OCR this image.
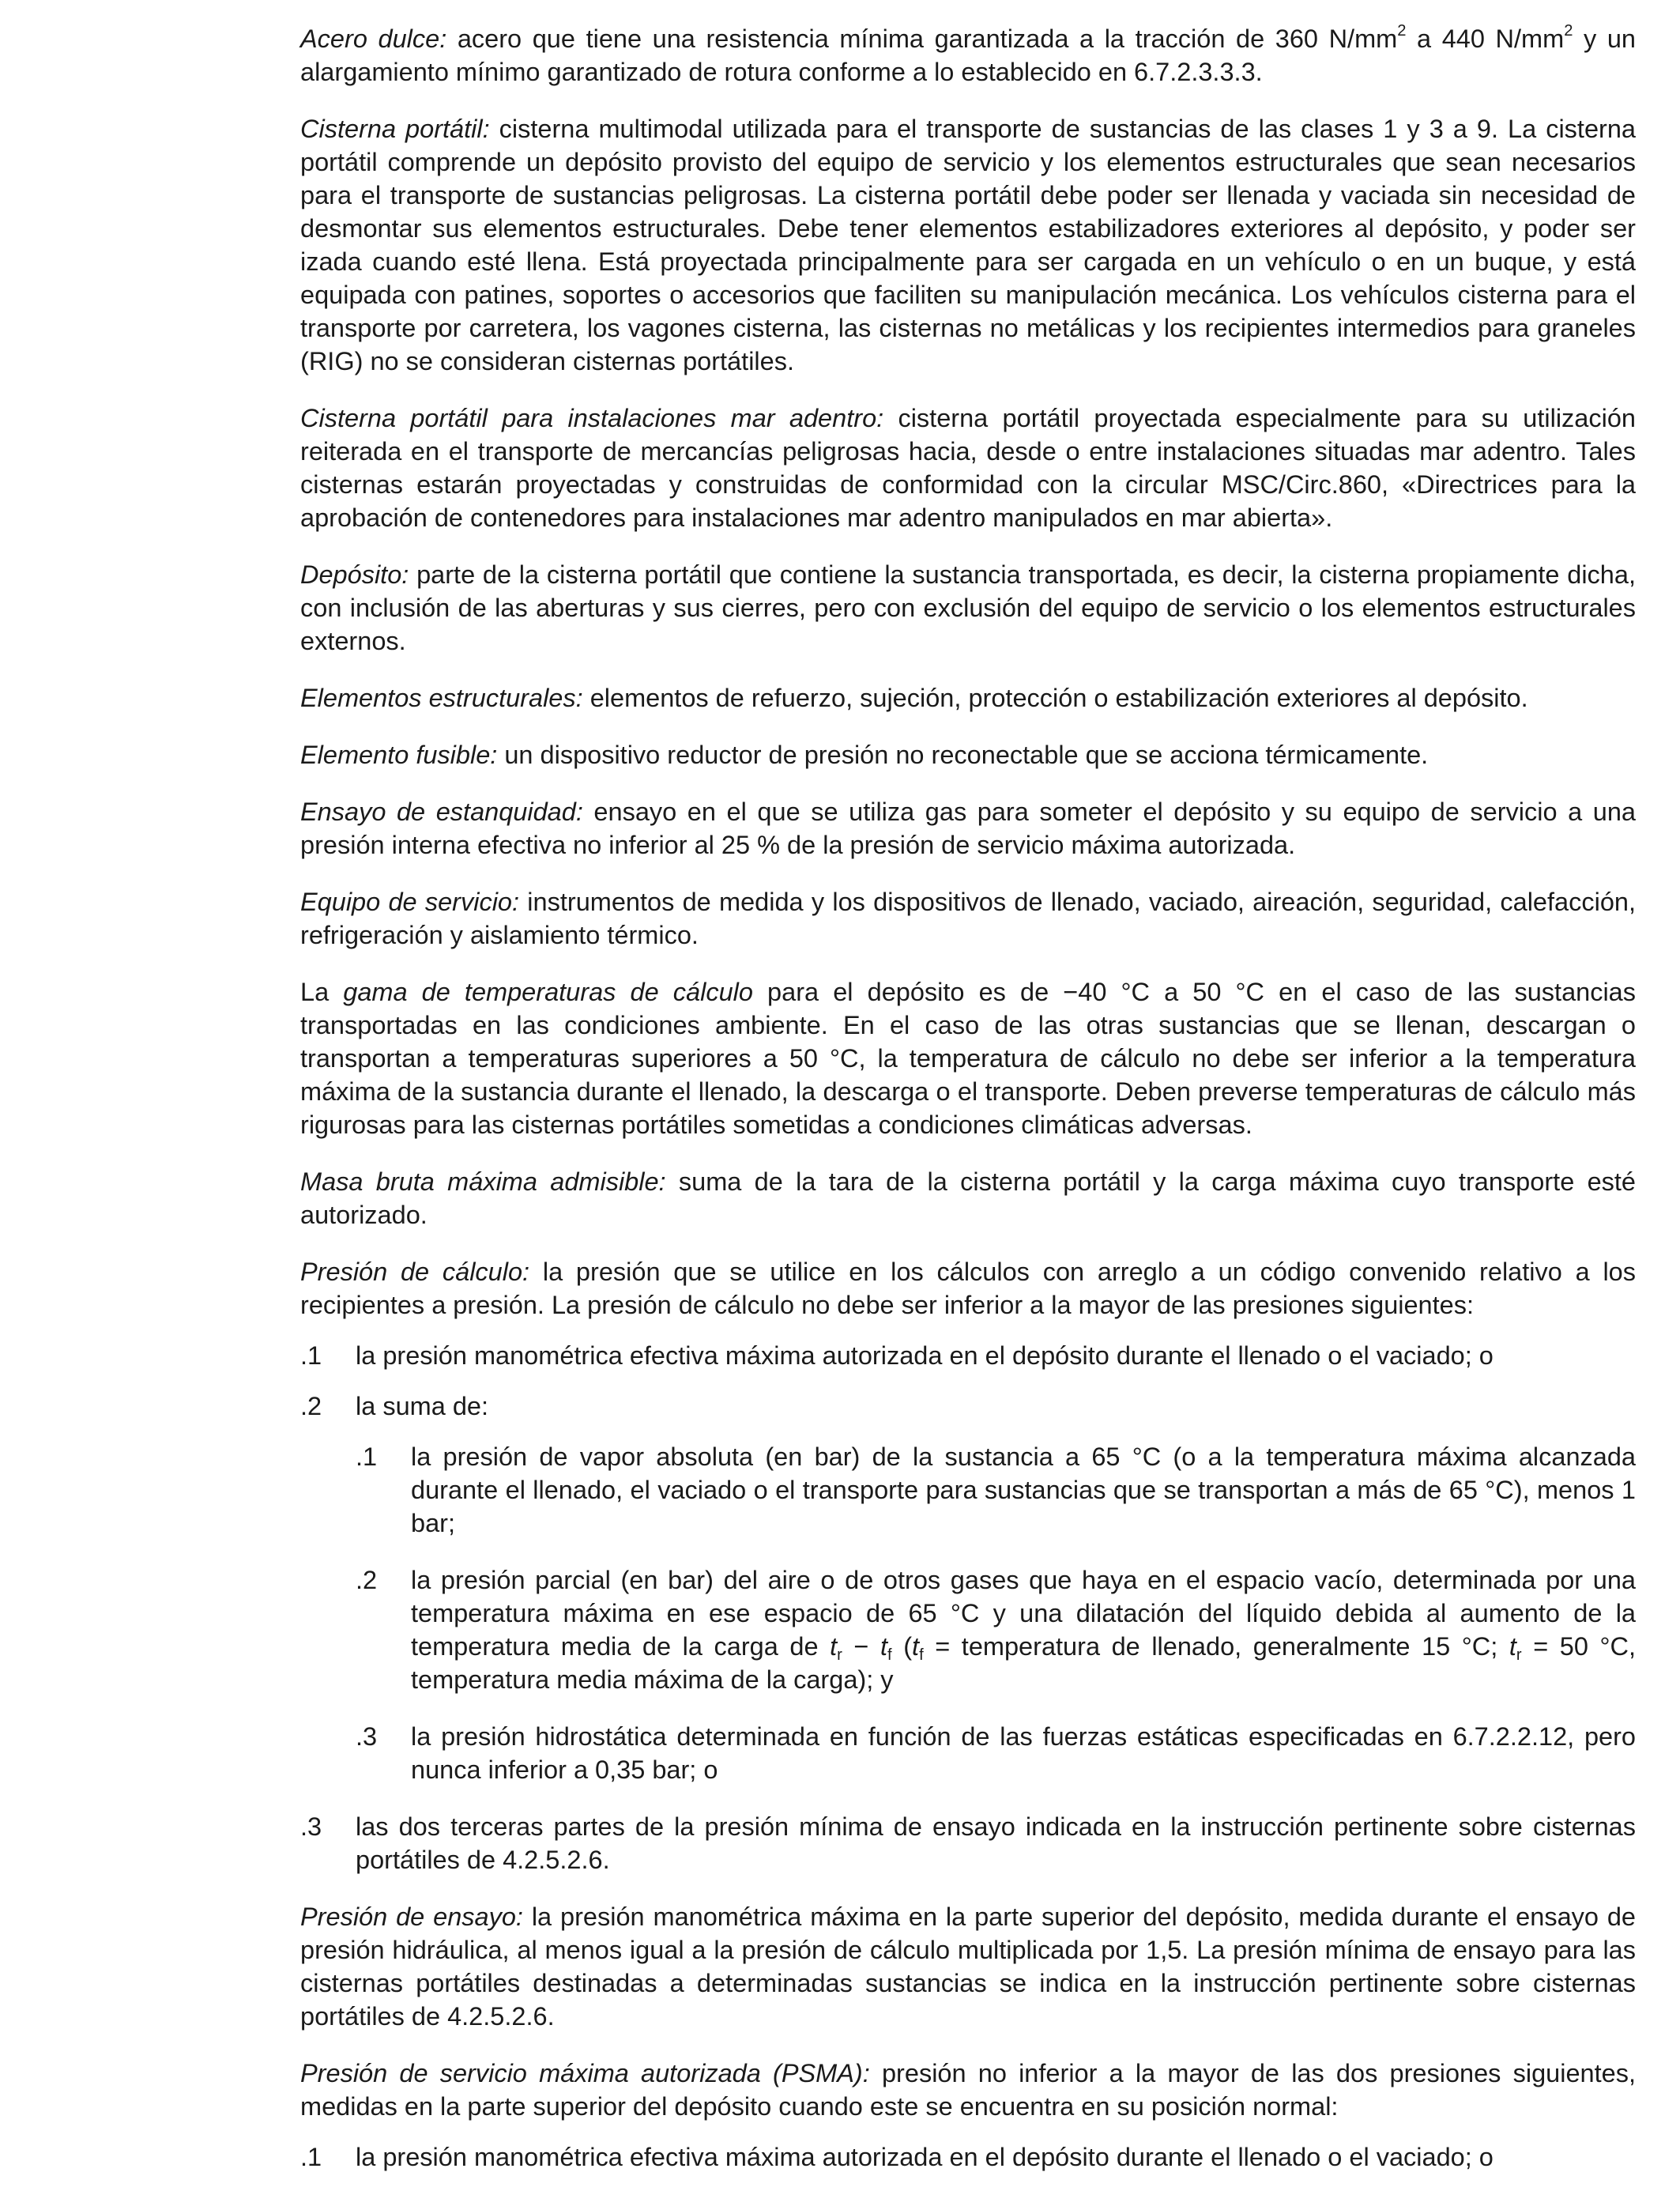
Acero dulce: acero que tiene una resistencia mínima garantizada a la tracción de 360 $N/mm^2$ a 440 $N/mm^2$ y un alargamiento mínimo garantizado de rotura conforme a lo establecido en 6.7.2.3.3.3.

Cisterna portátil: cisterna multimodal utilizada para el transporte de sustancias de las clases 1 y 3 a 9. La cisterna portátil comprende un depósito provisto del equipo de servicio y los elementos estructurales que sean necesarios para el transporte de sustancias peligrosas. La cisterna portátil debe poder ser llenada y vaciada sin necesidad de desmontar sus elementos estructurales. Debe tener elementos estabilizadores exteriores al depósito, y poder ser izada cuando esté llena. Está proyectada principalmente para ser cargada en un vehículo o en un buque, y está equipada con patines, soportes o accesorios que faciliten su manipulación mecánica. Los vehículos cisterna para el transporte por carretera, los vagones cisterna, las cisternas no metálicas y los recipientes intermedios para graneles (RIG) no se consideran cisternas portátiles.

Cisterna portátil para instalaciones mar adentro: cisterna portátil proyectada especialmente para su utilización reiterada en el transporte de mercancías peligrosas hacia, desde o entre instalaciones situadas mar adentro. Tales cisternas estarán proyectadas y construidas de conformidad con la circular MSC/Circ.860, «Directrices para la aprobación de contenedores para instalaciones mar adentro manipulados en mar abierta».

Depósito: parte de la cisterna portátil que contiene la sustancia transportada, es decir, la cisterna propiamente dicha, con inclusión de las aberturas y sus cierres, pero con exclusión del equipo de servicio o los elementos estructurales externos.

Elementos estructurales: elementos de refuerzo, sujeción, protección o estabilización exteriores al depósito.

Elemento fusible: un dispositivo reductor de presión no reconectable que se acciona térmicamente.

Ensayo de estanquidad: ensayo en el que se utiliza gas para someter el depósito y su equipo de servicio a una presión interna efectiva no inferior al 25 % de la presión de servicio máxima autorizada.

Equipo de servicio: instrumentos de medida y los dispositivos de llenado, vaciado, aireación, seguridad, calefacción, refrigeración y aislamiento térmico.

La gama de temperaturas de cálculo para el depósito es de −40 °C a 50 °C en el caso de las sustancias transportadas en las condiciones ambiente. En el caso de las otras sustancias que se llenan, descargan o transportan a temperaturas superiores a 50 °C, la temperatura de cálculo no debe ser inferior a la temperatura máxima de la sustancia durante el llenado, la descarga o el transporte. Deben preverse temperaturas de cálculo más rigurosas para las cisternas portátiles sometidas a condiciones climáticas adversas.

Masa bruta máxima admisible: suma de la tara de la cisterna portátil y la carga máxima cuyo transporte esté autorizado.

Presión de cálculo: la presión que se utilice en los cálculos con arreglo a un código convenido relativo a los recipientes a presión. La presión de cálculo no debe ser inferior a la mayor de las presiones siguientes:

.1 la presión manométrica efectiva máxima autorizada en el depósito durante el llenado o el vaciado; o
.2 la suma de:
.1 la presión de vapor absoluta (en bar) de la sustancia a 65 °C (o a la temperatura máxima alcanzada durante el llenado, el vaciado o el transporte para sustancias que se transportan a más de 65 °C), menos 1 bar;
.2 la presión parcial (en bar) del aire o de otros gases que haya en el espacio vacío, determinada por una temperatura máxima en ese espacio de 65 °C y una dilatación del líquido debida al aumento de la temperatura media de la carga de $t_r - t_f$ ($t_f$ = temperatura de llenado, generalmente 15 °C; $t_r = 50$ °C, temperatura media máxima de la carga); y
.3 la presión hidrostática determinada en función de las fuerzas estáticas especificadas en 6.7.2.2.12, pero nunca inferior a 0,35 bar; o
.3 las dos terceras partes de la presión mínima de ensayo indicada en la instrucción pertinente sobre cisternas portátiles de 4.2.5.2.6.

Presión de ensayo: la presión manométrica máxima en la parte superior del depósito, medida durante el ensayo de presión hidráulica, al menos igual a la presión de cálculo multiplicada por 1,5. La presión mínima de ensayo para las cisternas portátiles destinadas a determinadas sustancias se indica en la instrucción pertinente sobre cisternas portátiles de 4.2.5.2.6.

Presión de servicio máxima autorizada (PSMA): presión no inferior a la mayor de las dos presiones siguientes, medidas en la parte superior del depósito cuando este se encuentra en su posición normal:

.1 la presión manométrica efectiva máxima autorizada en el depósito durante el llenado o el vaciado; o
